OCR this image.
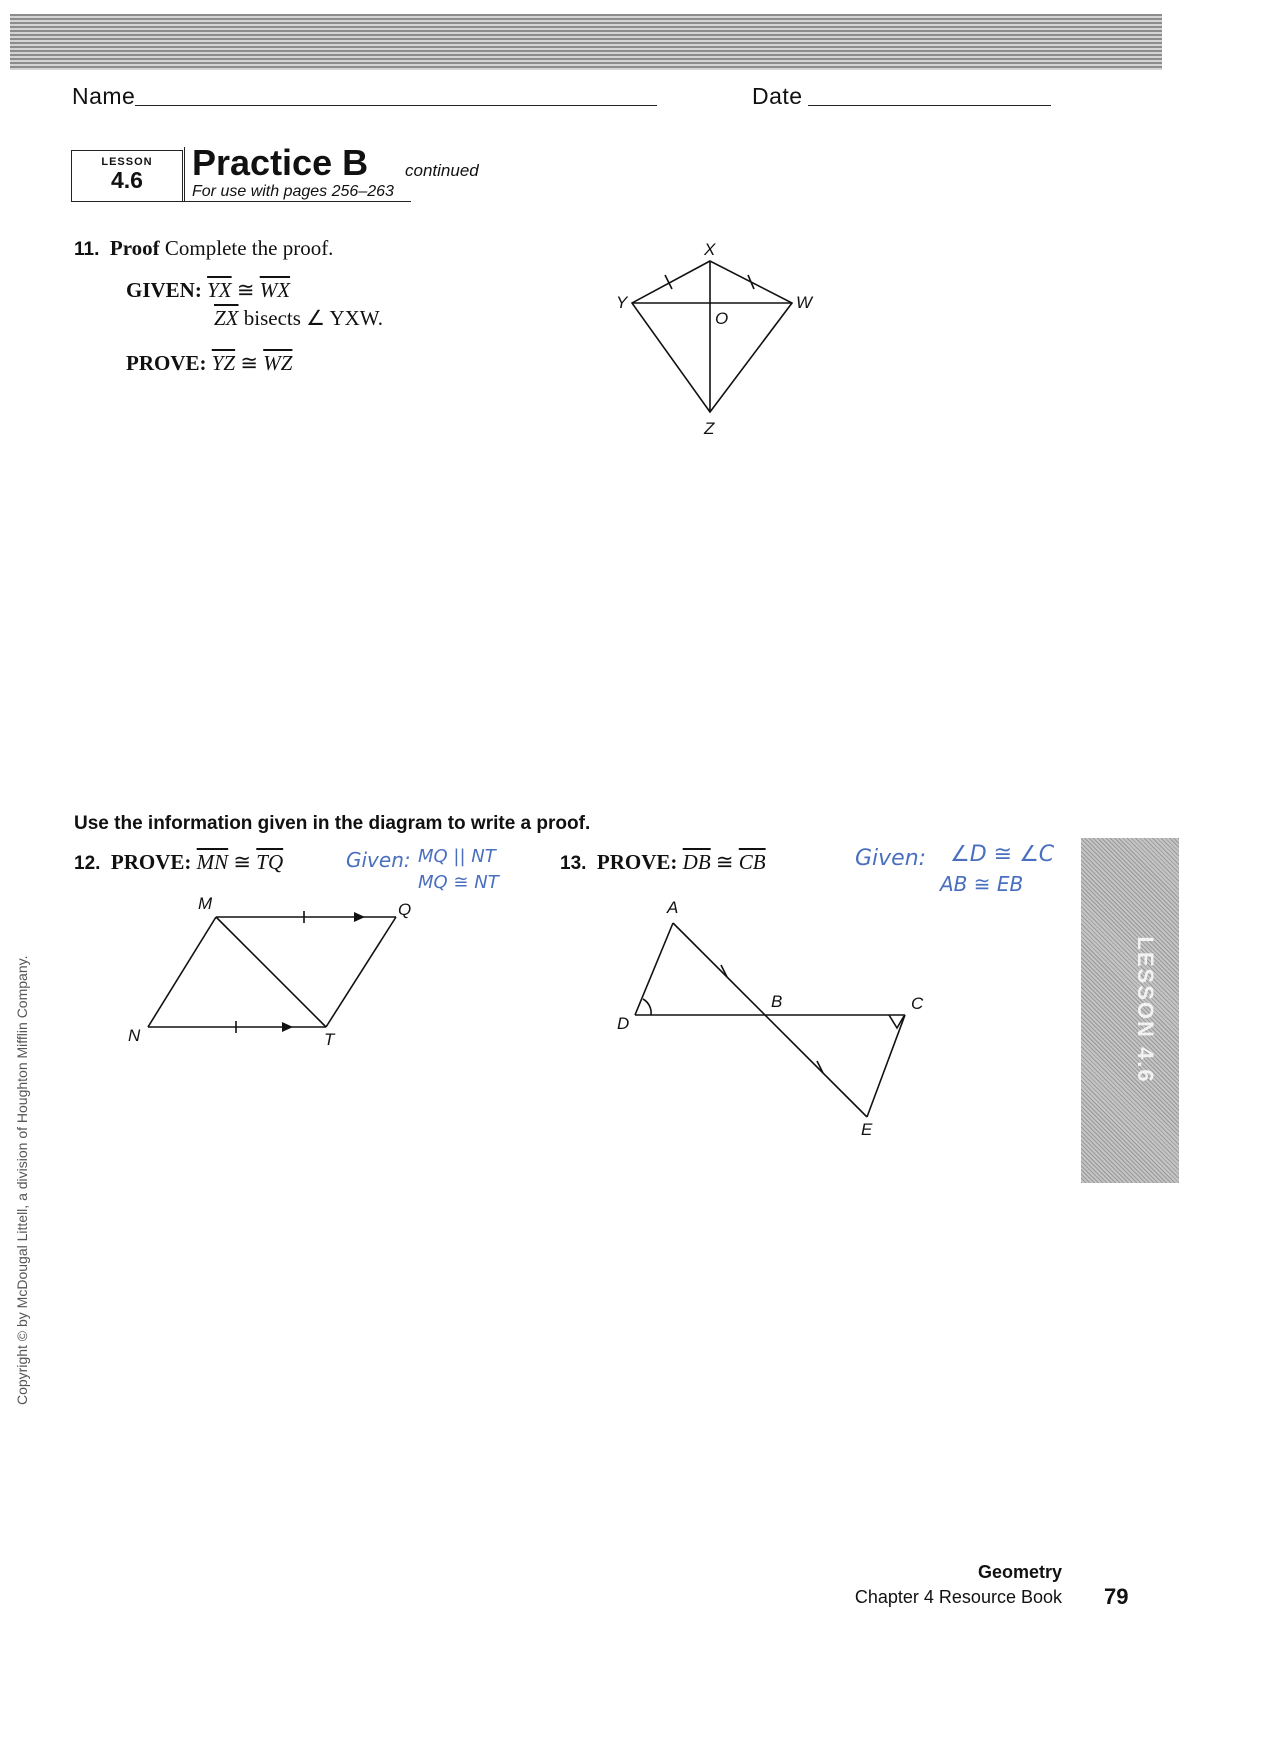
Name	Date
LESSON
4.6	Practice B continued
For use with pages 256–263
11. Proof Complete the proof.
GIVEN: $\overline{YX}$ ≅ $\overline{WX}$
$\overline{ZX}$ bisects ∠ YXW.
PROVE: $\overline{YZ}$ ≅ $\overline{WZ}$
X
Y	W
O
Z
Use the information given in the diagram to write a proof.
12. PROVE: $\overline{MN}$ ≅ $\overline{TQ}$	Given: MQ || NT
MQ ≅ NT
M	Q
N	T
13. PROVE: $\overline{DB}$ ≅ $\overline{CB}$	Given: ∠D ≅ ∠C
AB ≅ EB
A
B	C
D
E
LESSON 4.6
Copyright © by McDougal Littell, a division of Houghton Mifflin Company.
Geometry
Chapter 4 Resource Book 79
